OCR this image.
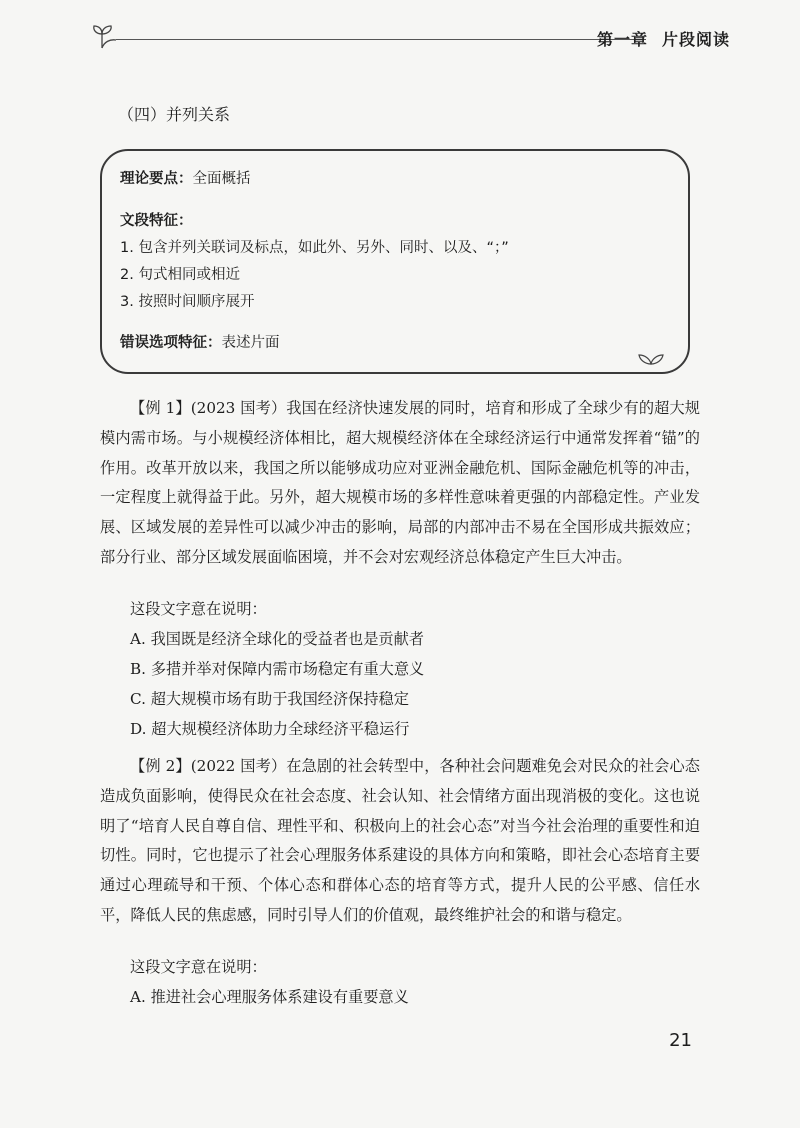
第一章 片段阅读
（四）并列关系
理论要点：全面概括
文段特征：
1. 包含并列关联词及标点，如此外、另外、同时、以及、“；”
2. 句式相同或相近
3. 按照时间顺序展开
错误选项特征：表述片面

【例 1】(2023 国考）我国在经济快速发展的同时，培育和形成了全球少有的超大规模内需市场。与小规模经济体相比，超大规模经济体在全球经济运行中通常发挥着“锚”的作用。改革开放以来，我国之所以能够成功应对亚洲金融危机、国际金融危机等的冲击，一定程度上就得益于此。另外，超大规模市场的多样性意味着更强的内部稳定性。产业发展、区域发展的差异性可以减少冲击的影响，局部的内部冲击不易在全国形成共振效应；部分行业、部分区域发展面临困境，并不会对宏观经济总体稳定产生巨大冲击。

这段文字意在说明：
A. 我国既是经济全球化的受益者也是贡献者
B. 多措并举对保障内需市场稳定有重大意义
C. 超大规模市场有助于我国经济保持稳定
D. 超大规模经济体助力全球经济平稳运行

【例 2】(2022 国考）在急剧的社会转型中，各种社会问题难免会对民众的社会心态造成负面影响，使得民众在社会态度、社会认知、社会情绪方面出现消极的变化。这也说明了“培育人民自尊自信、理性平和、积极向上的社会心态”对当今社会治理的重要性和迫切性。同时，它也提示了社会心理服务体系建设的具体方向和策略，即社会心态培育主要通过心理疏导和干预、个体心态和群体心态的培育等方式，提升人民的公平感、信任水平，降低人民的焦虑感，同时引导人们的价值观，最终维护社会的和谐与稳定。

这段文字意在说明：
A. 推进社会心理服务体系建设有重要意义
21
